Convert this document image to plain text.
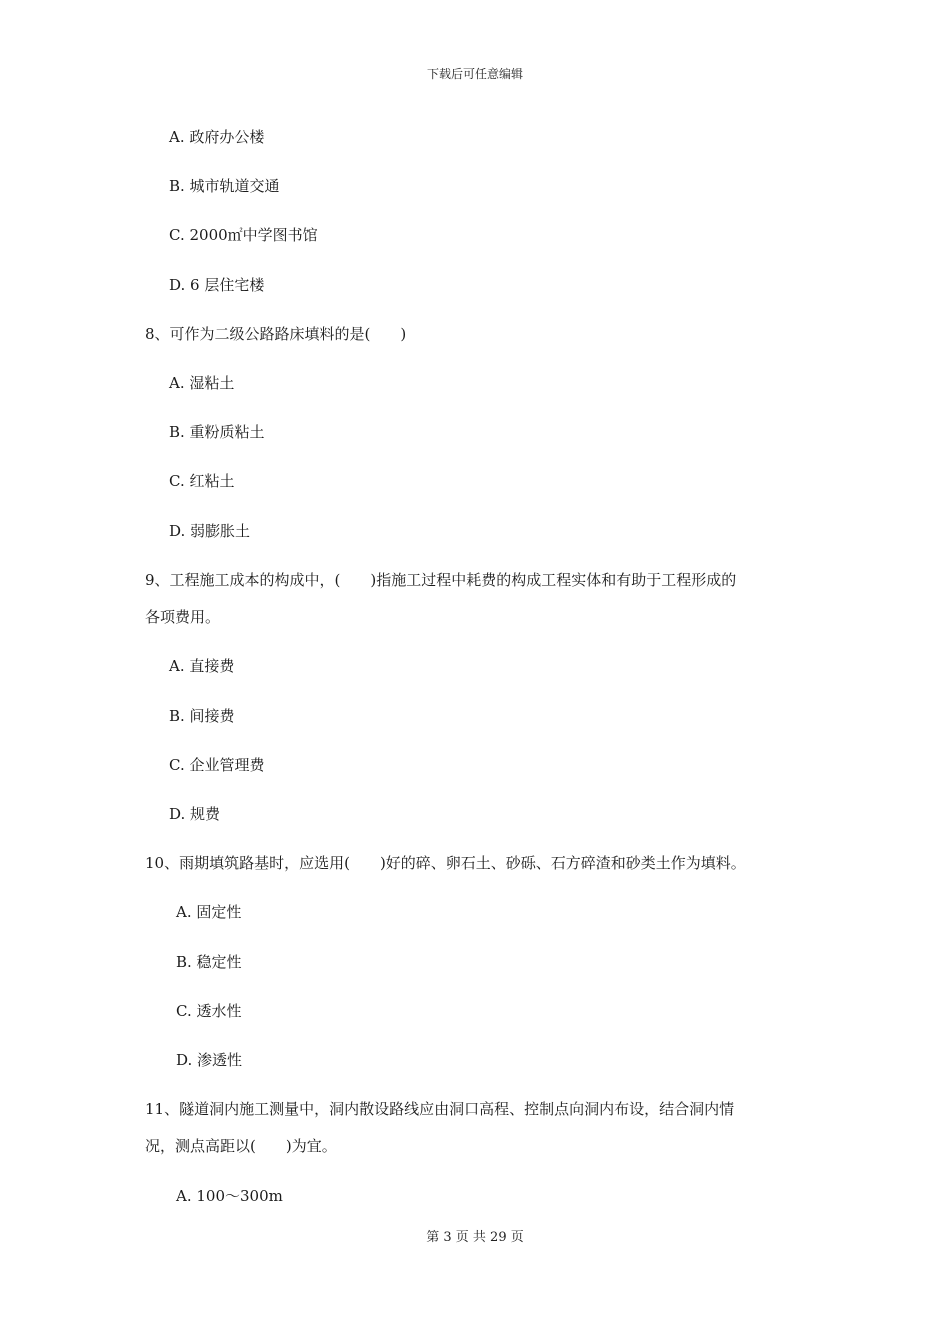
下载后可任意编辑
A. 政府办公楼
B. 城市轨道交通
C. 2000㎡中学图书馆
D. 6 层住宅楼
8、可作为二级公路路床填料的是(　　)
A. 湿粘土
B. 重粉质粘土
C. 红粘土
D. 弱膨胀土
9、工程施工成本的构成中，(　　)指施工过程中耗费的构成工程实体和有助于工程形成的
各项费用。
A. 直接费
B. 间接费
C. 企业管理费
D. 规费
10、雨期填筑路基时，应选用(　　)好的碎、卵石土、砂砾、石方碎渣和砂类土作为填料。
A. 固定性
B. 稳定性
C. 透水性
D. 渗透性
11、隧道洞内施工测量中，洞内散设路线应由洞口高程、控制点向洞内布设，结合洞内情
况，测点高距以(　　)为宜。
A. 100～300m
第 3 页 共 29 页
